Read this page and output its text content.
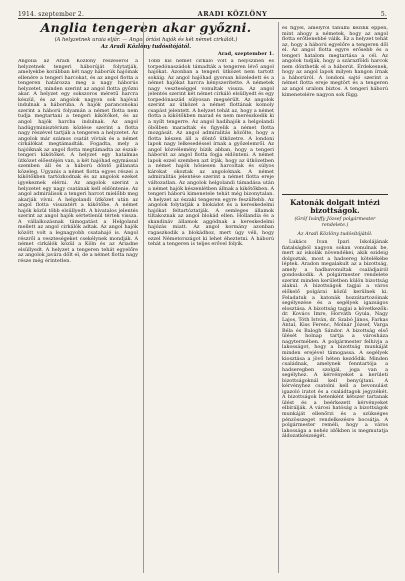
1914. szeptember 2.	ARADI KÖZLÖNY	5.
Anglia tengeren akar győzni.
(A helyzetnek uraia eljár. — Angol óriási hajók és két német cirkálót.)
Az Aradi Közlöny tudósítójától.
Arad, szeptember 1.

Angolia az Aradi Közlöny részéséről a helyzetnek tengeri háborúját folytatják, amelyekbe korábban két nagy háborúk hajóinak ellenére a tengeri harcokat, és az angol flotta a tengeren határozza meg a nagy háborús helyzetet, minden szerint az angol flotta győzni akar. A helyzet egy sokszoros méretű harcra készül, és az angolok nagyon sok hajóval indulnak a háborúba. A hajók parancsnokai szerint a háború folyamán a német flotta nem tudja megtartani a tengeri kikötőket, és az angol hajók harcba indulnak. Az angol hadügyminisztérium közlése szerint a flotta nagy részével tartják a tengeren a helyzetet. Az angolok már számos csatát vívtak és a német cirkálókat megtámadták. Fogadta, mely a hajóiknak az angol flotta megtámadta az észak-tengeri kikötőket. A helyzet egy hatalmas ütközet előestéjén van, a két hajóhad egymással szemben áll és a háború döntő pillanata közeleg. Ugyanis a német flotta egyes részei a kikötőkben tartózkodnak és az angolok ezeket igyekeznek elérni. Az angolok szerint a helyzetet egy nagy csatának kell eldöntenie. Az angol admirálisok a tengeri harcot mielőbb meg akarják vívni. A helgolandi ütközet után az angol flotta visszatért a kikötőbe. A német hajók közül több elsüllyedt. A hivatalos jelentés szerint az angol hajók sértetlenül tértek vissza. A vállalkozásnak támogatást a Helgoland mellett az angol cirkálók adtak. Az angol hajók között volt a legnagyobb csatahajó is. Angol részről a veszteségeket csekélynek mondják. A német cirkálók közül a Köln és az Ariadne elsüllyedt. A helyzet a tengeren tehát egyelőre az angolok javára dőlt el, de a német flotta nagy része még érintetlen.

Több kis német cirkáló volt a helyszínen és torpedónaszádok támadták a tengeren lévő angol hajókat. Azonban a tengeri ütközet nem tartott sokáig. Az angol hajóhad gyorsan közeledett és a német hajókat harcra kényszerítette. A németek nagy veszteséggel vonultak vissza. Az angol jelentés szerint két német cirkáló elsüllyedt és egy torpedónaszád súlyosan megsérült. Az angolok szerint az ütközet a német flottának komoly csapást jelentett. A helyzet tehát az, hogy a német flotta a kikötőkben marad és nem merészkedik ki a nyílt tengerre. Az angol hadihajók a helgolandi öbölben maradtak és figyelik a német flotta mozgását. Az angol admiralitás közölte, hogy a flotta készen áll a döntő ütközetre. A londoni lapok nagy lelkesedéssel írnak a győzelemről. Az angol közvélemény bízik abban, hogy a tengeri háborút az angol flotta fogja eldönteni. A német lapok ezzel szemben azt írják, hogy az ütközetben a német hajók hősiesen harcoltak és súlyos károkat okoztak az angoloknak. A német admiralitás jelentése szerint a német flotta ereje változatlan. Az angolok helgolandi támadása után a német hajók készenlétben állnak a kikötőkben. A tengeri háború kimenetele tehát még bizonytalan. A helyzet az északi tengeren egyre feszültebb. Az angolok folytatják a blokádot és a kereskedelmi hajókat feltartóztatják. A semleges államok tiltakoznak az angol blokád ellen. Hollandia és a skandináv államok aggódnak a kereskedelmi hajózás miatt. Az angol kormány azonban ragaszkodik a blokádhoz, mert úgy véli, hogy ezzel Németországot ki lehet éheztetni. A háború tehát a tengeren is teljes erővel folyik.

es figyel, amelyről tanulni kezdik éppen, mint ahogy a németek, hogy az angol flotta erőtlenebbé válik. Ez a helyzet tehát az, hogy a háború egyelőre a tengeren dől el. Az angol flotta egyre erősebb és a tengeri hatalom megtartása a cél. Az angolok tudják, hogy a szárazföldi harcok nem dönthetik el a háborút. Érdekesnek, hogy az angol lapok milyen hangon írnak a háborúról. A londoni sajtó szerint a német flotta ereje megtört és a tengeren az angol uralom biztos. A tengeri háború kimenetelére nagyon sok függ.

Katonák dolgait intézi bizottságok.
(Gróf Ivánffy József polgármester rendelete.)
Az Aradi Közlöny tudósítójától.

Lukács Ivan Ipari Iskolájának fiatalságból nagyon sokan vonulnak be, mert az iskolák növendékei, akik ezideig dolgoztak, most a hadsereg kötelékébe léptek. Aradon megalakult az a bizottság, amely a hadbavonultak családjairól gondoskodik. A polgármester rendelete szerint minden kerületben külön bizottság alakul. A bizottságok tagjai a város előkelő polgárai közül kerülnek ki. Feladatuk a katonák hozzátartozóinak segélyezése és a segélyek igazságos elosztása. A bizottság tagjai a következők: dr. Kovács Imre, Horváth Gyula, Nagy Lajos, Tóth István, dr. Szabó János, Farkas Antal, Kiss Ferenc, Molnár József, Varga Béla és Balogh Sándor. A bizottság első ülését holnap tartja a városháza nagytermében. A polgármester felhívja a lakosságot, hogy a bizottság munkáját minden erejével támogassa. A segélyek kiosztása a jövő héten kezdődik. Minden családnak, amelynek fenntartója a hadseregben szolgál, joga van a segélyhez. A kérvényeket a kerületi bizottságoknál kell benyújtani. A kérvényhez csatolni kell a bevonulást igazoló iratot és a családtagok jegyzékét. A bizottságok hetenként kétszer tartanak ülést és a beérkezett kérvényeket elbírálják. A városi hatóság a bizottságok munkáját ellenőrzi és a szükséges pénzösszeget rendelkezésre bocsátja. A polgármester reméli, hogy a város lakossága a nehéz időkben is megmutatja áldozatkészségét.
